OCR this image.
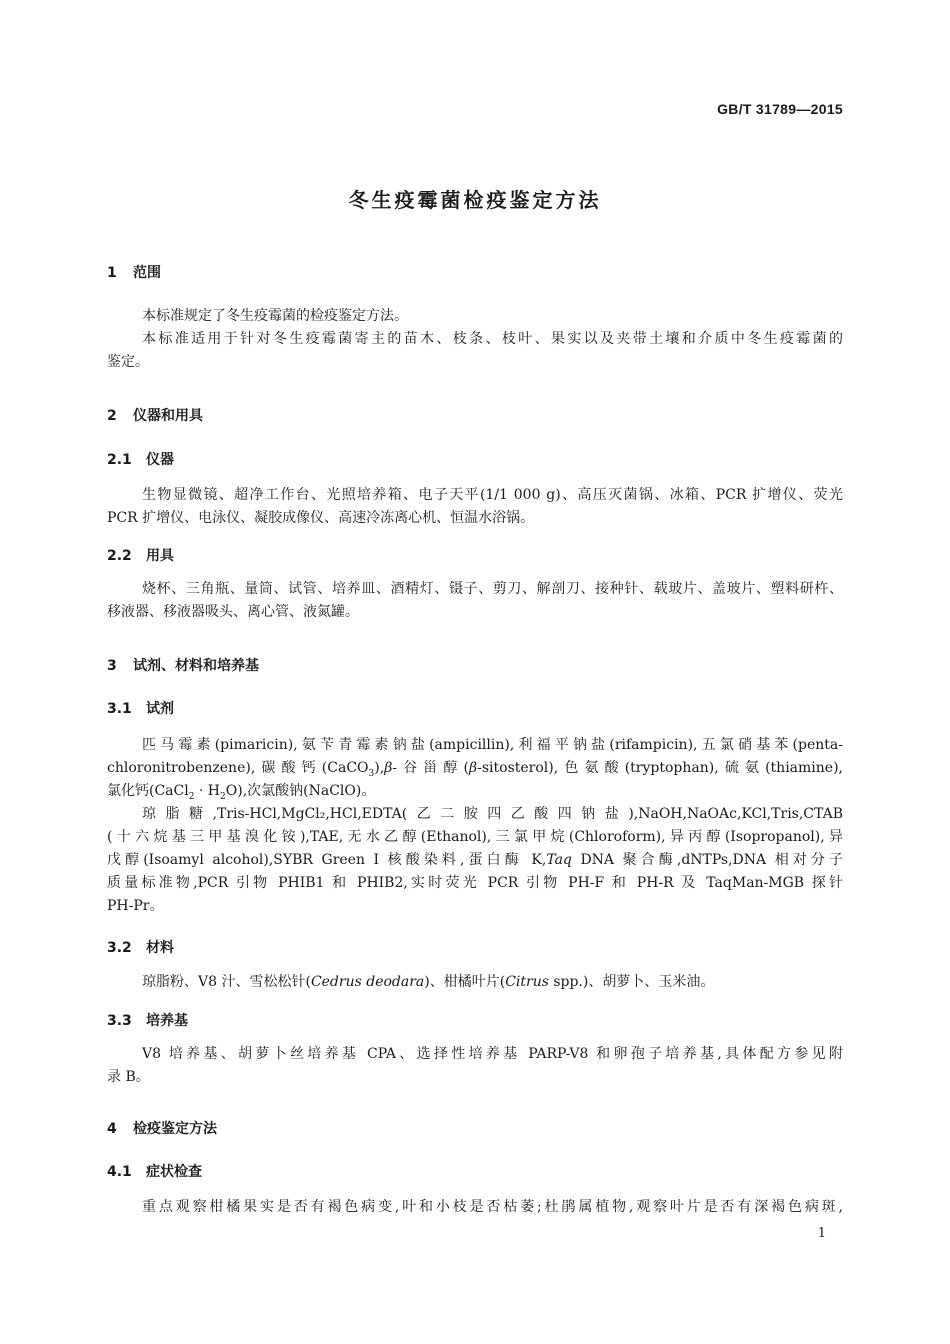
GB/T 31789—2015
冬生疫霉菌检疫鉴定方法
1 范围
本标准规定了冬生疫霉菌的检疫鉴定方法。
本标准适用于针对冬生疫霉菌寄主的苗木、枝条、枝叶、果实以及夹带土壤和介质中冬生疫霉菌的
鉴定。
2 仪器和用具
2.1 仪器
生物显微镜、超净工作台、光照培养箱、电子天平(1/1 000 g)、高压灭菌锅、冰箱、PCR 扩增仪、荧光
PCR 扩增仪、电泳仪、凝胶成像仪、高速冷冻离心机、恒温水浴锅。
2.2 用具
烧杯、三角瓶、量筒、试管、培养皿、酒精灯、镊子、剪刀、解剖刀、接种针、载玻片、盖玻片、塑料研杵、
移液器、移液器吸头、离心管、液氮罐。
3 试剂、材料和培养基
3.1 试剂
匹马霉素(pimaricin),氨苄青霉素钠盐(ampicillin),利福平钠盐(rifampicin),五氯硝基苯(penta-
chloronitrobenzene),碳酸钙(CaCO$_3$),β-谷甾醇(β-sitosterol),色氨酸(tryptophan),硫氨(thiamine),
氯化钙(CaCl$_2$ · $H_2O$),次氯酸钠(NaClO)。
琼脂糖,Tris-HCl,MgCl₂,HCl,EDTA(乙二胺四乙酸四钠盐),NaOH,NaOAc,KCl,Tris,CTAB
(十六烷基三甲基溴化铵),TAE,无水乙醇(Ethanol),三氯甲烷(Chloroform),异丙醇(Isopropanol),异
戊醇(Isoamyl alcohol),SYBR Green I 核酸染料,蛋白酶 K,Taq DNA 聚合酶,dNTPs,DNA 相对分子
质量标准物,PCR 引物 PHIB1 和 PHIB2,实时荧光 PCR 引物 PH-F 和 PH-R 及 TaqMan-MGB 探针
PH-Pr。
3.2 材料
琼脂粉、V8 汁、雪松松针(Cedrus deodara)、柑橘叶片(Citrus spp.)、胡萝卜、玉米油。
3.3 培养基
V8 培养基、胡萝卜丝培养基 CPA、选择性培养基 PARP-V8 和卵孢子培养基,具体配方参见附
录 B。
4 检疫鉴定方法
4.1 症状检查
重点观察柑橘果实是否有褐色病变,叶和小枝是否枯萎;杜鹃属植物,观察叶片是否有深褐色病斑,
1
